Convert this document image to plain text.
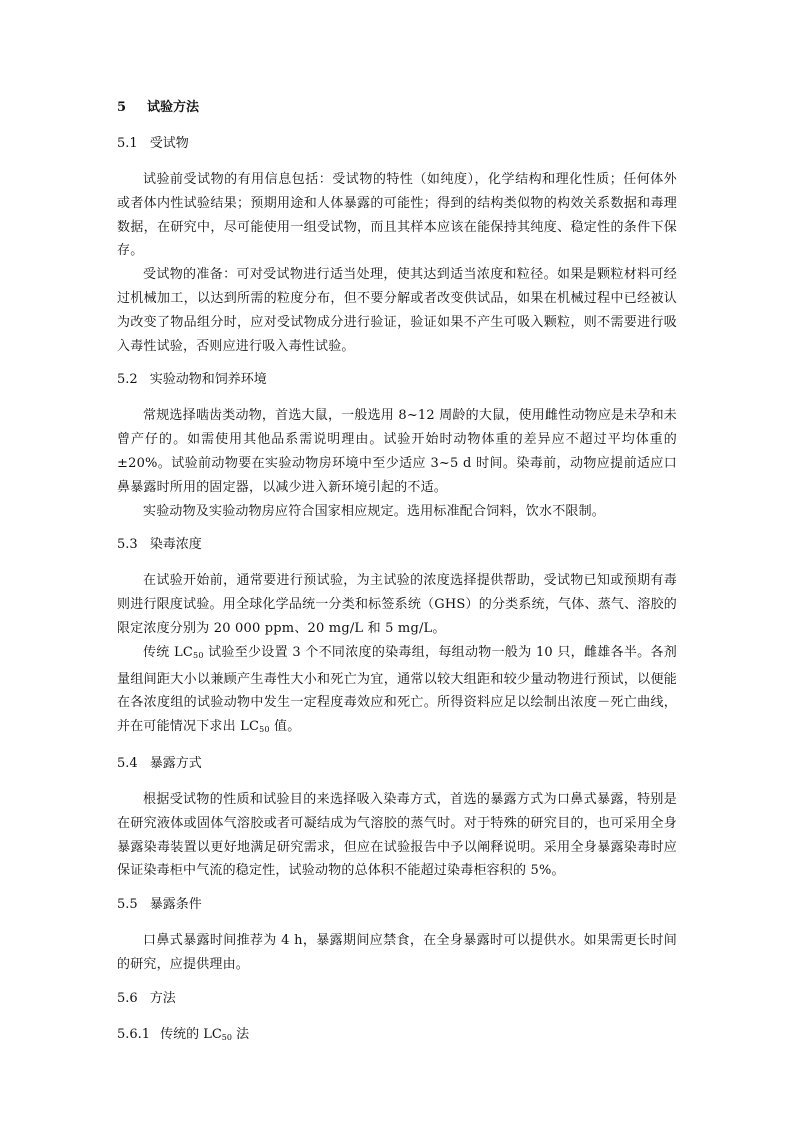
5 试验方法

5.1 受试物

试验前受试物的有用信息包括：受试物的特性（如纯度），化学结构和理化性质；任何体外或者体内性试验结果；预期用途和人体暴露的可能性；得到的结构类似物的构效关系数据和毒理数据，在研究中，尽可能使用一组受试物，而且其样本应该在能保持其纯度、稳定性的条件下保存。

受试物的准备：可对受试物进行适当处理，使其达到适当浓度和粒径。如果是颗粒材料可经过机械加工，以达到所需的粒度分布，但不要分解或者改变供试品，如果在机械过程中已经被认为改变了物品组分时，应对受试物成分进行验证，验证如果不产生可吸入颗粒，则不需要进行吸入毒性试验，否则应进行吸入毒性试验。

5.2 实验动物和饲养环境

常规选择啮齿类动物，首选大鼠，一般选用 8~12 周龄的大鼠，使用雌性动物应是未孕和未曾产仔的。如需使用其他品系需说明理由。试验开始时动物体重的差异应不超过平均体重的±20%。试验前动物要在实验动物房环境中至少适应 3~5 d 时间。染毒前，动物应提前适应口鼻暴露时所用的固定器，以减少进入新环境引起的不适。

实验动物及实验动物房应符合国家相应规定。选用标准配合饲料，饮水不限制。

5.3 染毒浓度

在试验开始前，通常要进行预试验，为主试验的浓度选择提供帮助，受试物已知或预期有毒则进行限度试验。用全球化学品统一分类和标签系统（GHS）的分类系统，气体、蒸气、溶胶的限定浓度分别为 20 000 ppm、20 mg/L 和 5 mg/L。

传统 $LC_{50}$ 试验至少设置 3 个不同浓度的染毒组，每组动物一般为 10 只，雌雄各半。各剂量组间距大小以兼顾产生毒性大小和死亡为宜，通常以较大组距和较少量动物进行预试，以便能在各浓度组的试验动物中发生一定程度毒效应和死亡。所得资料应足以绘制出浓度－死亡曲线，并在可能情况下求出 $LC_{50}$ 值。

5.4 暴露方式

根据受试物的性质和试验目的来选择吸入染毒方式，首选的暴露方式为口鼻式暴露，特别是在研究液体或固体气溶胶或者可凝结成为气溶胶的蒸气时。对于特殊的研究目的，也可采用全身暴露染毒装置以更好地满足研究需求，但应在试验报告中予以阐释说明。采用全身暴露染毒时应保证染毒柜中气流的稳定性，试验动物的总体积不能超过染毒柜容积的 5%。

5.5 暴露条件

口鼻式暴露时间推荐为 4 h，暴露期间应禁食，在全身暴露时可以提供水。如果需更长时间的研究，应提供理由。

5.6 方法

5.6.1 传统的 $LC_{50}$ 法
